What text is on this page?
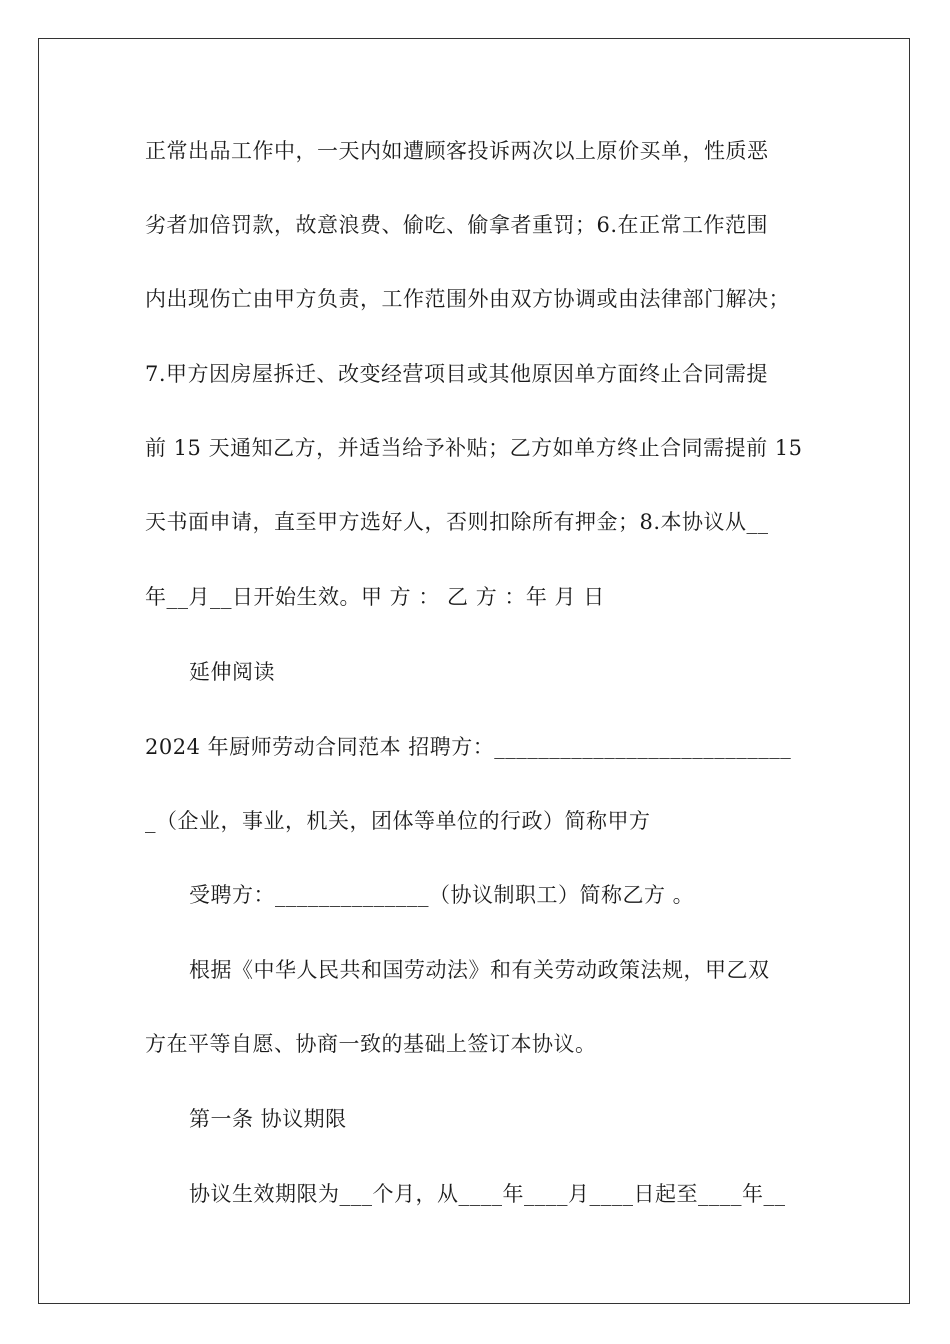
正常出品工作中，一天内如遭顾客投诉两次以上原价买单，性质恶
劣者加倍罚款，故意浪费、偷吃、偷拿者重罚；6.在正常工作范围
内出现伤亡由甲方负责，工作范围外由双方协调或由法律部门解决；
7.甲方因房屋拆迁、改变经营项目或其他原因单方面终止合同需提
前 15 天通知乙方，并适当给予补贴；乙方如单方终止合同需提前 15
天书面申请，直至甲方选好人，否则扣除所有押金；8.本协议从__
年__月__日开始生效。甲 方 ： 乙 方 ：年 月 日
延伸阅读
2024 年厨师劳动合同范本 招聘方：___________________________
_（企业，事业，机关，团体等单位的行政）简称甲方
受聘方：______________（协议制职工）简称乙方 。
根据《中华人民共和国劳动法》和有关劳动政策法规，甲乙双
方在平等自愿、协商一致的基础上签订本协议。
第一条 协议期限
协议生效期限为___个月，从____年____月____日起至____年__
